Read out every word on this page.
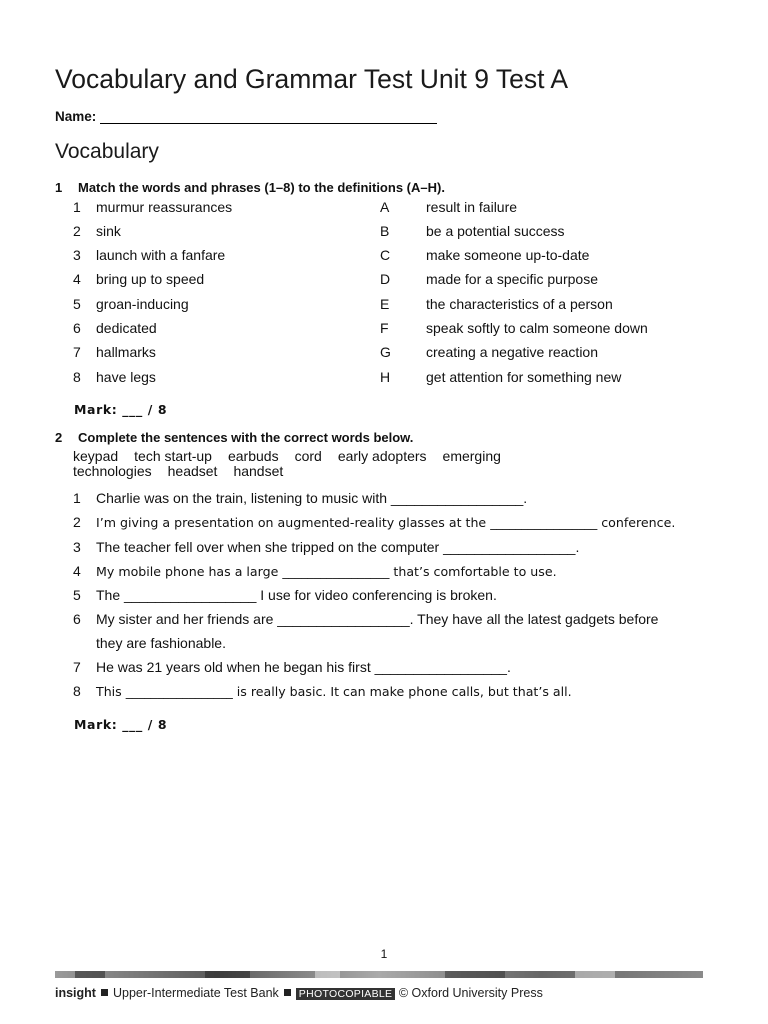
Vocabulary and Grammar Test Unit 9 Test A
Name:
Vocabulary
1 Match the words and phrases (1–8) to the definitions (A–H).
1 murmur reassurances	A	result in failure
2 sink	B	be a potential success
3 launch with a fanfare	C	make someone up-to-date
4 bring up to speed	D	made for a specific purpose
5 groan-inducing	E	the characteristics of a person
6 dedicated	F	speak softly to calm someone down
7 hallmarks	G	creating a negative reaction
8 have legs	H	get attention for something new
Mark: ___ / 8
2 Complete the sentences with the correct words below.
keypad tech start-up earbuds cord early adopters emerging technologies headset handset
1 Charlie was on the train, listening to music with _________________.
2 I’m giving a presentation on augmented-reality glasses at the _________________ conference.
3 The teacher fell over when she tripped on the computer _________________.
4 My mobile phone has a large _________________ that’s comfortable to use.
5 The _________________ I use for video conferencing is broken.
6 My sister and her friends are _________________. They have all the latest gadgets before
they are fashionable.
7 He was 21 years old when he began his first _________________.
8 This _________________ is really basic. It can make phone calls, but that’s all.
Mark: ___ / 8
1
insight Upper-Intermediate Test Bank PHOTOCOPIABLE © Oxford University Press
